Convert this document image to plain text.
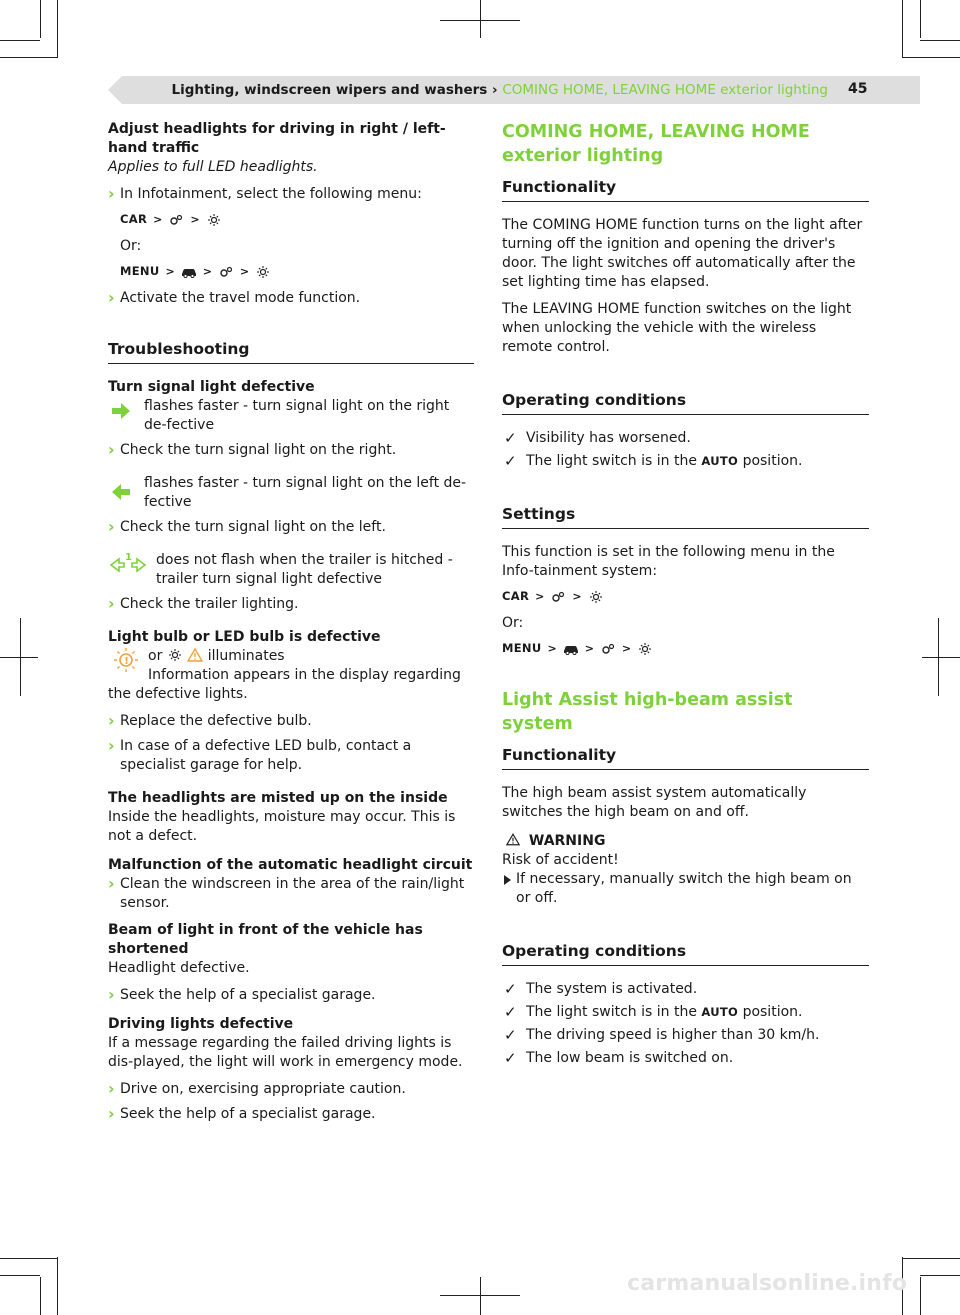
Lighting, windscreen wipers and washers › COMING HOME, LEAVING HOME exterior lighting 45

Adjust headlights for driving in right / left-hand traffic

Applies to full LED headlights.

› In Infotainment, select the following menu:

CAR >	>

Or:

MENU >	>	>

› Activate the travel mode function.

Troubleshooting

Turn signal light defective

flashes faster - turn signal light on the right de-fective

› Check the turn signal light on the right.

flashes faster - turn signal light on the left de-fective

› Check the turn signal light on the left.

1 does not flash when the trailer is hitched - trailer turn signal light defective

› Check the trailer lighting.

Light bulb or LED bulb is defective

! or	illuminates
Information appears in the display regarding

the defective lights.

› Replace the defective bulb.

› In case of a defective LED bulb, contact a specialist garage for help.

The headlights are misted up on the inside

Inside the headlights, moisture may occur. This is not a defect.

Malfunction of the automatic headlight circuit

› Clean the windscreen in the area of the rain/light sensor.

Beam of light in front of the vehicle has shortened

Headlight defective.

› Seek the help of a specialist garage.

Driving lights defective

If a message regarding the failed driving lights is dis-played, the light will work in emergency mode.

› Drive on, exercising appropriate caution.

› Seek the help of a specialist garage.

COMING HOME, LEAVING HOME exterior lighting
Functionality

The COMING HOME function turns on the light after turning off the ignition and opening the driver's door. The light switches off automatically after the set lighting time has elapsed.

The LEAVING HOME function switches on the light when unlocking the vehicle with the wireless remote control.

Operating conditions

✓ Visibility has worsened.

✓ The light switch is in the AUTO position.

Settings

This function is set in the following menu in the Info-tainment system:

CAR >	>

Or:

MENU >	>	>
Light Assist high-beam assist system
Functionality

The high beam assist system automatically switches the high beam on and off.

WARNING

Risk of accident!

If necessary, manually switch the high beam on or off.

Operating conditions

✓ The system is activated.

✓ The light switch is in the AUTO position.

✓ The driving speed is higher than 30 km/h.

✓ The low beam is switched on.

carmanualsonline.info
